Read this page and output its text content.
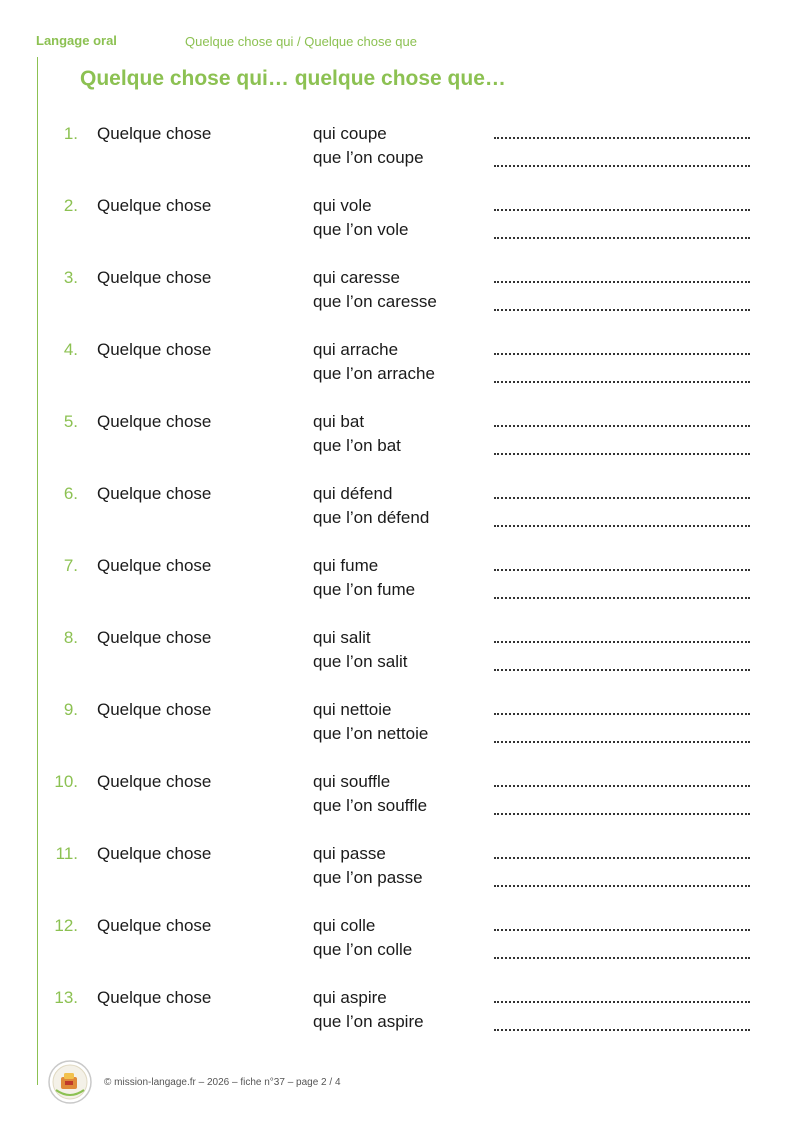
Langage oral	Quelque chose qui / Quelque chose que
Quelque chose qui… quelque chose que…
1. Quelque chose	qui coupe
que l’on coupe
2. Quelque chose	qui vole
que l’on vole
3. Quelque chose	qui caresse
que l’on caresse
4. Quelque chose	qui arrache
que l’on arrache
5. Quelque chose	qui bat
que l’on bat
6. Quelque chose	qui défend
que l’on défend
7. Quelque chose	qui fume
que l’on fume
8. Quelque chose	qui salit
que l’on salit
9. Quelque chose	qui nettoie
que l’on nettoie
10. Quelque chose	qui souffle
que l’on souffle
11. Quelque chose	qui passe
que l’on passe
12. Quelque chose	qui colle
que l’on colle
13. Quelque chose	qui aspire
que l’on aspire
© mission-langage.fr – 2026 – fiche n°37 – page 2 / 4
